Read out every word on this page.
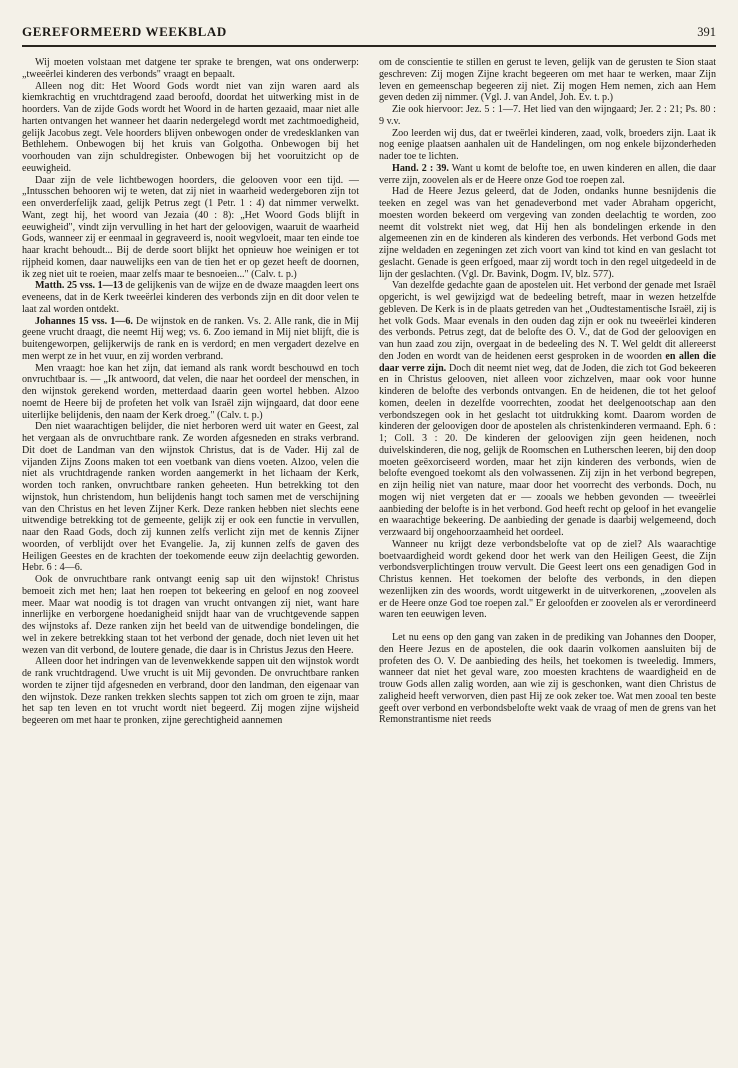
GEREFORMEERD WEEKBLAD	391

Wij moeten volstaan met datgene ter sprake te brengen, wat ons onderwerp: „tweeërlei kinderen des verbonds" vraagt en bepaalt.

Alleen nog dit: Het Woord Gods wordt niet van zijn waren aard als kiemkrachtig en vruchtdragend zaad beroofd, doordat het uitwerking mist in de hoorders. Van de zijde Gods wordt het Woord in de harten gezaaid, maar niet alle harten ontvangen het wanneer het daarin nedergelegd wordt met zachtmoedigheid, gelijk Jacobus zegt. Vele hoorders blijven onbewogen onder de vredesklanken van Bethlehem. Onbewogen bij het kruis van Golgotha. Onbewogen bij het voorhouden van zijn schuldregister. Onbewogen bij het vooruitzicht op de eeuwigheid.

Daar zijn de vele lichtbewogen hoorders, die gelooven voor een tijd. — „Intusschen behooren wij te weten, dat zij niet in waarheid wedergeboren zijn tot een onverderfelijk zaad, gelijk Petrus zegt (1 Petr. 1 : 4) dat nimmer verwelkt. Want, zegt hij, het woord van Jezaia (40 : 8): „Het Woord Gods blijft in eeuwigheid", vindt zijn vervulling in het hart der geloovigen, waaruit de waarheid Gods, wanneer zij er eenmaal in gegraveerd is, nooit wegvloeit, maar ten einde toe haar kracht behoudt... Bij de derde soort blijkt het opnieuw hoe weinigen er tot rijpheid komen, daar nauwelijks een van de tien het er op gezet heeft de doornen, ik zeg niet uit te roeien, maar zelfs maar te besnoeien..." (Calv. t. p.)

Matth. 25 vss. 1—13 de gelijkenis van de wijze en de dwaze maagden leert ons eveneens, dat in de Kerk tweeërlei kinderen des verbonds zijn en dit door velen te laat zal worden ontdekt.

Johannes 15 vss. 1—6. De wijnstok en de ranken. Vs. 2. Alle rank, die in Mij geene vrucht draagt, die neemt Hij weg; vs. 6. Zoo iemand in Mij niet blijft, die is buitengeworpen, gelijkerwijs de rank en is verdord; en men vergadert dezelve en men werpt ze in het vuur, en zij worden verbrand.

Men vraagt: hoe kan het zijn, dat iemand als rank wordt beschouwd en toch onvruchtbaar is. — „Ik antwoord, dat velen, die naar het oordeel der menschen, in den wijnstok gerekend worden, metterdaad daarin geen wortel hebben. Alzoo noemt de Heere bij de profeten het volk van Israël zijn wijngaard, dat door eene uiterlijke belijdenis, den naam der Kerk droeg." (Calv. t. p.)

Den niet waarachtigen belijder, die niet herboren werd uit water en Geest, zal het vergaan als de onvruchtbare rank. Ze worden afgesneden en straks verbrand. Dit doet de Landman van den wijnstok Christus, dat is de Vader. Hij zal de vijanden Zijns Zoons maken tot een voetbank van diens voeten. Alzoo, velen die niet als vruchtdragende ranken worden aangemerkt in het lichaam der Kerk, worden toch ranken, onvruchtbare ranken geheeten. Hun betrekking tot den wijnstok, hun christendom, hun belijdenis hangt toch samen met de verschijning van den Christus en het leven Zijner Kerk. Deze ranken hebben niet slechts eene uitwendige betrekking tot de gemeente, gelijk zij er ook een functie in vervullen, naar den Raad Gods, doch zij kunnen zelfs verlicht zijn met de kennis Zijner woorden, of verblijdt over het Evangelie. Ja, zij kunnen zelfs de gaven des Heiligen Geestes en de krachten der toekomende eeuw zijn deelachtig geworden. Hebr. 6 : 4—6.

Ook de onvruchtbare rank ontvangt eenig sap uit den wijnstok! Christus bemoeit zich met hen; laat hen roepen tot bekeering en geloof en nog zooveel meer. Maar wat noodig is tot dragen van vrucht ontvangen zij niet, want hare innerlijke en verborgene hoedanigheid snijdt haar van de vruchtgevende sappen des wijnstoks af. Deze ranken zijn het beeld van de uitwendige bondelingen, die wel in zekere betrekking staan tot het verbond der genade, doch niet leven uit het wezen van dit verbond, de loutere genade, die daar is in Christus Jezus den Heere.

Alleen door het indringen van de levenwekkende sappen uit den wijnstok wordt de rank vruchtdragend. Uwe vrucht is uit Mij gevonden. De onvruchtbare ranken worden te zijner tijd afgesneden en verbrand, door den landman, den eigenaar van den wijnstok. Deze ranken trekken slechts sappen tot zich om groen te zijn, maar het sap ten leven en tot vrucht wordt niet begeerd. Zij mogen zijne wijsheid begeeren om met haar te pronken, zijne gerechtigheid aannemen

om de conscientie te stillen en gerust te leven, gelijk van de gerusten te Sion staat geschreven: Zij mogen Zijne kracht begeeren om met haar te werken, maar Zijn leven en gemeenschap begeeren zij niet. Zij mogen Hem nemen, zich aan Hem geven deden zij nimmer. (Vgl. J. van Andel, Joh. Ev. t. p.)

Zie ook hiervoor: Jez. 5 : 1—7. Het lied van den wijngaard; Jer. 2 : 21; Ps. 80 : 9 v.v.

Zoo leerden wij dus, dat er tweërlei kinderen, zaad, volk, broeders zijn. Laat ik nog eenige plaatsen aanhalen uit de Handelingen, om nog enkele bijzonderheden nader toe te lichten.

Hand. 2 : 39. Want u komt de belofte toe, en uwen kinderen en allen, die daar verre zijn, zoovelen als er de Heere onze God toe roepen zal.

Had de Heere Jezus geleerd, dat de Joden, ondanks hunne besnijdenis die teeken en zegel was van het genadeverbond met vader Abraham opgericht, moesten worden bekeerd om vergeving van zonden deelachtig te worden, zoo neemt dit volstrekt niet weg, dat Hij hen als bondelingen erkende in den algemeenen zin en de kinderen als kinderen des verbonds. Het verbond Gods met zijne weldaden en zegeningen zet zich voort van kind tot kind en van geslacht tot geslacht. Genade is geen erfgoed, maar zij wordt toch in den regel uitgedeeld in de lijn der geslachten. (Vgl. Dr. Bavink, Dogm. IV, blz. 577).

Van dezelfde gedachte gaan de apostelen uit. Het verbond der genade met Israël opgericht, is wel gewijzigd wat de bedeeling betreft, maar in wezen hetzelfde gebleven. De Kerk is in de plaats getreden van het „Oudtestamentische Israël, zij is het volk Gods. Maar evenals in den ouden dag zijn er ook nu tweeërlei kinderen des verbonds. Petrus zegt, dat de belofte des O. V., dat de God der geloovigen en van hun zaad zou zijn, overgaat in de bedeeling des N. T. Wel geldt dit allereerst den Joden en wordt van de heidenen eerst gesproken in de woorden en allen die daar verre zijn. Doch dit neemt niet weg, dat de Joden, die zich tot God bekeeren en in Christus gelooven, niet alleen voor zichzelven, maar ook voor hunne kinderen de belofte des verbonds ontvangen. En de heidenen, die tot het geloof komen, deelen in dezelfde voorrechten, zoodat het deelgenootschap aan den verbondszegen ook in het geslacht tot uitdrukking komt. Daarom worden de kinderen der geloovigen door de apostelen als christenkinderen vermaand. Eph. 6 : 1; Coll. 3 : 20. De kinderen der geloovigen zijn geen heidenen, noch duivelskinderen, die nog, gelijk de Roomschen en Lutherschen leeren, bij den doop moeten geëxorciseerd worden, maar het zijn kinderen des verbonds, wien de belofte evengoed toekomt als den volwassenen. Zij zijn in het verbond begrepen, en zijn heilig niet van nature, maar door het voorrecht des verbonds. Doch, nu mogen wij niet vergeten dat er — zooals we hebben gevonden — tweeërlei aanbieding der belofte is in het verbond. God heeft recht op geloof in het evangelie en waarachtige bekeering. De aanbieding der genade is daarbij welgemeend, doch verzwaard bij ongehoorzaamheid het oordeel.

Wanneer nu krijgt deze verbondsbelofte vat op de ziel? Als waarachtige boetvaardigheid wordt gekend door het werk van den Heiligen Geest, die Zijn verbondsverplichtingen trouw vervult. Die Geest leert ons een genadigen God in Christus kennen. Het toekomen der belofte des verbonds, in den diepen wezenlijken zin des woords, wordt uitgewerkt in de uitverkorenen, „zoovelen als er de Heere onze God toe roepen zal." Er geloofden er zoovelen als er verordineerd waren ten eeuwigen leven.

Let nu eens op den gang van zaken in de prediking van Johannes den Dooper, den Heere Jezus en de apostelen, die ook daarin volkomen aansluiten bij de profeten des O. V. De aanbieding des heils, het toekomen is tweeledig. Immers, wanneer dat niet het geval ware, zoo moesten krachtens de waardigheid en de trouw Gods allen zalig worden, aan wie zij is geschonken, want dien Christus de zaligheid heeft verworven, dien past Hij ze ook zeker toe. Wat men zooal ten beste geeft over verbond en verbondsbelofte wekt vaak de vraag of men de grens van het Remonstrantisme niet reeds
